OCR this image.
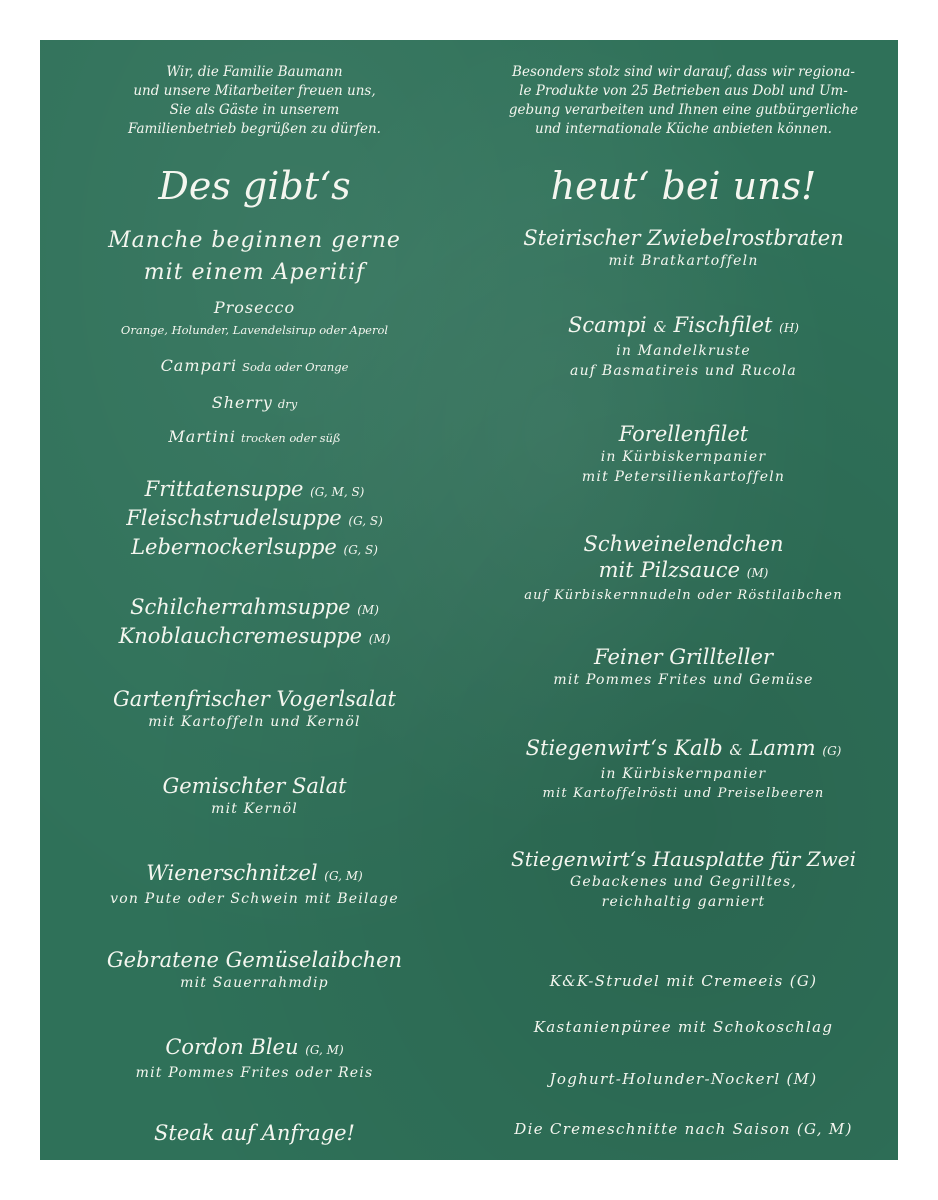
Wir, die Familie Baumann
und unsere Mitarbeiter freuen uns,
Sie als Gäste in unserem
Familienbetrieb begrüßen zu dürfen.
Des gibt‘s
Manche beginnen gerne
mit einem Aperitif
Prosecco
Orange, Holunder, Lavendelsirup oder Aperol
Campari Soda oder Orange
Sherry dry
Martini trocken oder süß
Frittatensuppe (G, M, S)
Fleischstrudelsuppe (G, S)
Lebernockerlsuppe (G, S)
Schilcherrahmsuppe (M)
Knoblauchcremesuppe (M)
Gartenfrischer Vogerlsalat
mit Kartoffeln und Kernöl
Gemischter Salat
mit Kernöl
Wienerschnitzel (G, M)
von Pute oder Schwein mit Beilage
Gebratene Gemüselaibchen
mit Sauerrahmdip
Cordon Bleu (G, M)
mit Pommes Frites oder Reis
Steak auf Anfrage!
Besonders stolz sind wir darauf, dass wir regiona-
le Produkte von 25 Betrieben aus Dobl und Um-
gebung verarbeiten und Ihnen eine gutbürgerliche
und internationale Küche anbieten können.
heut‘ bei uns!
Steirischer Zwiebelrostbraten
mit Bratkartoffeln
Scampi & Fischfilet (H)
in Mandelkruste
auf Basmatireis und Rucola
Forellenfilet
in Kürbiskernpanier
mit Petersilienkartoffeln
Schweinelendchen
mit Pilzsauce (M)
auf Kürbiskernnudeln oder Röstilaibchen
Feiner Grillteller
mit Pommes Frites und Gemüse
Stiegenwirt‘s Kalb & Lamm (G)
in Kürbiskernpanier
mit Kartoffelrösti und Preiselbeeren
Stiegenwirt‘s Hausplatte für Zwei
Gebackenes und Gegrilltes,
reichhaltig garniert
K&K-Strudel mit Cremeeis (G)
Kastanienpüree mit Schokoschlag
Joghurt-Holunder-Nockerl (M)
Die Cremeschnitte nach Saison (G, M)
